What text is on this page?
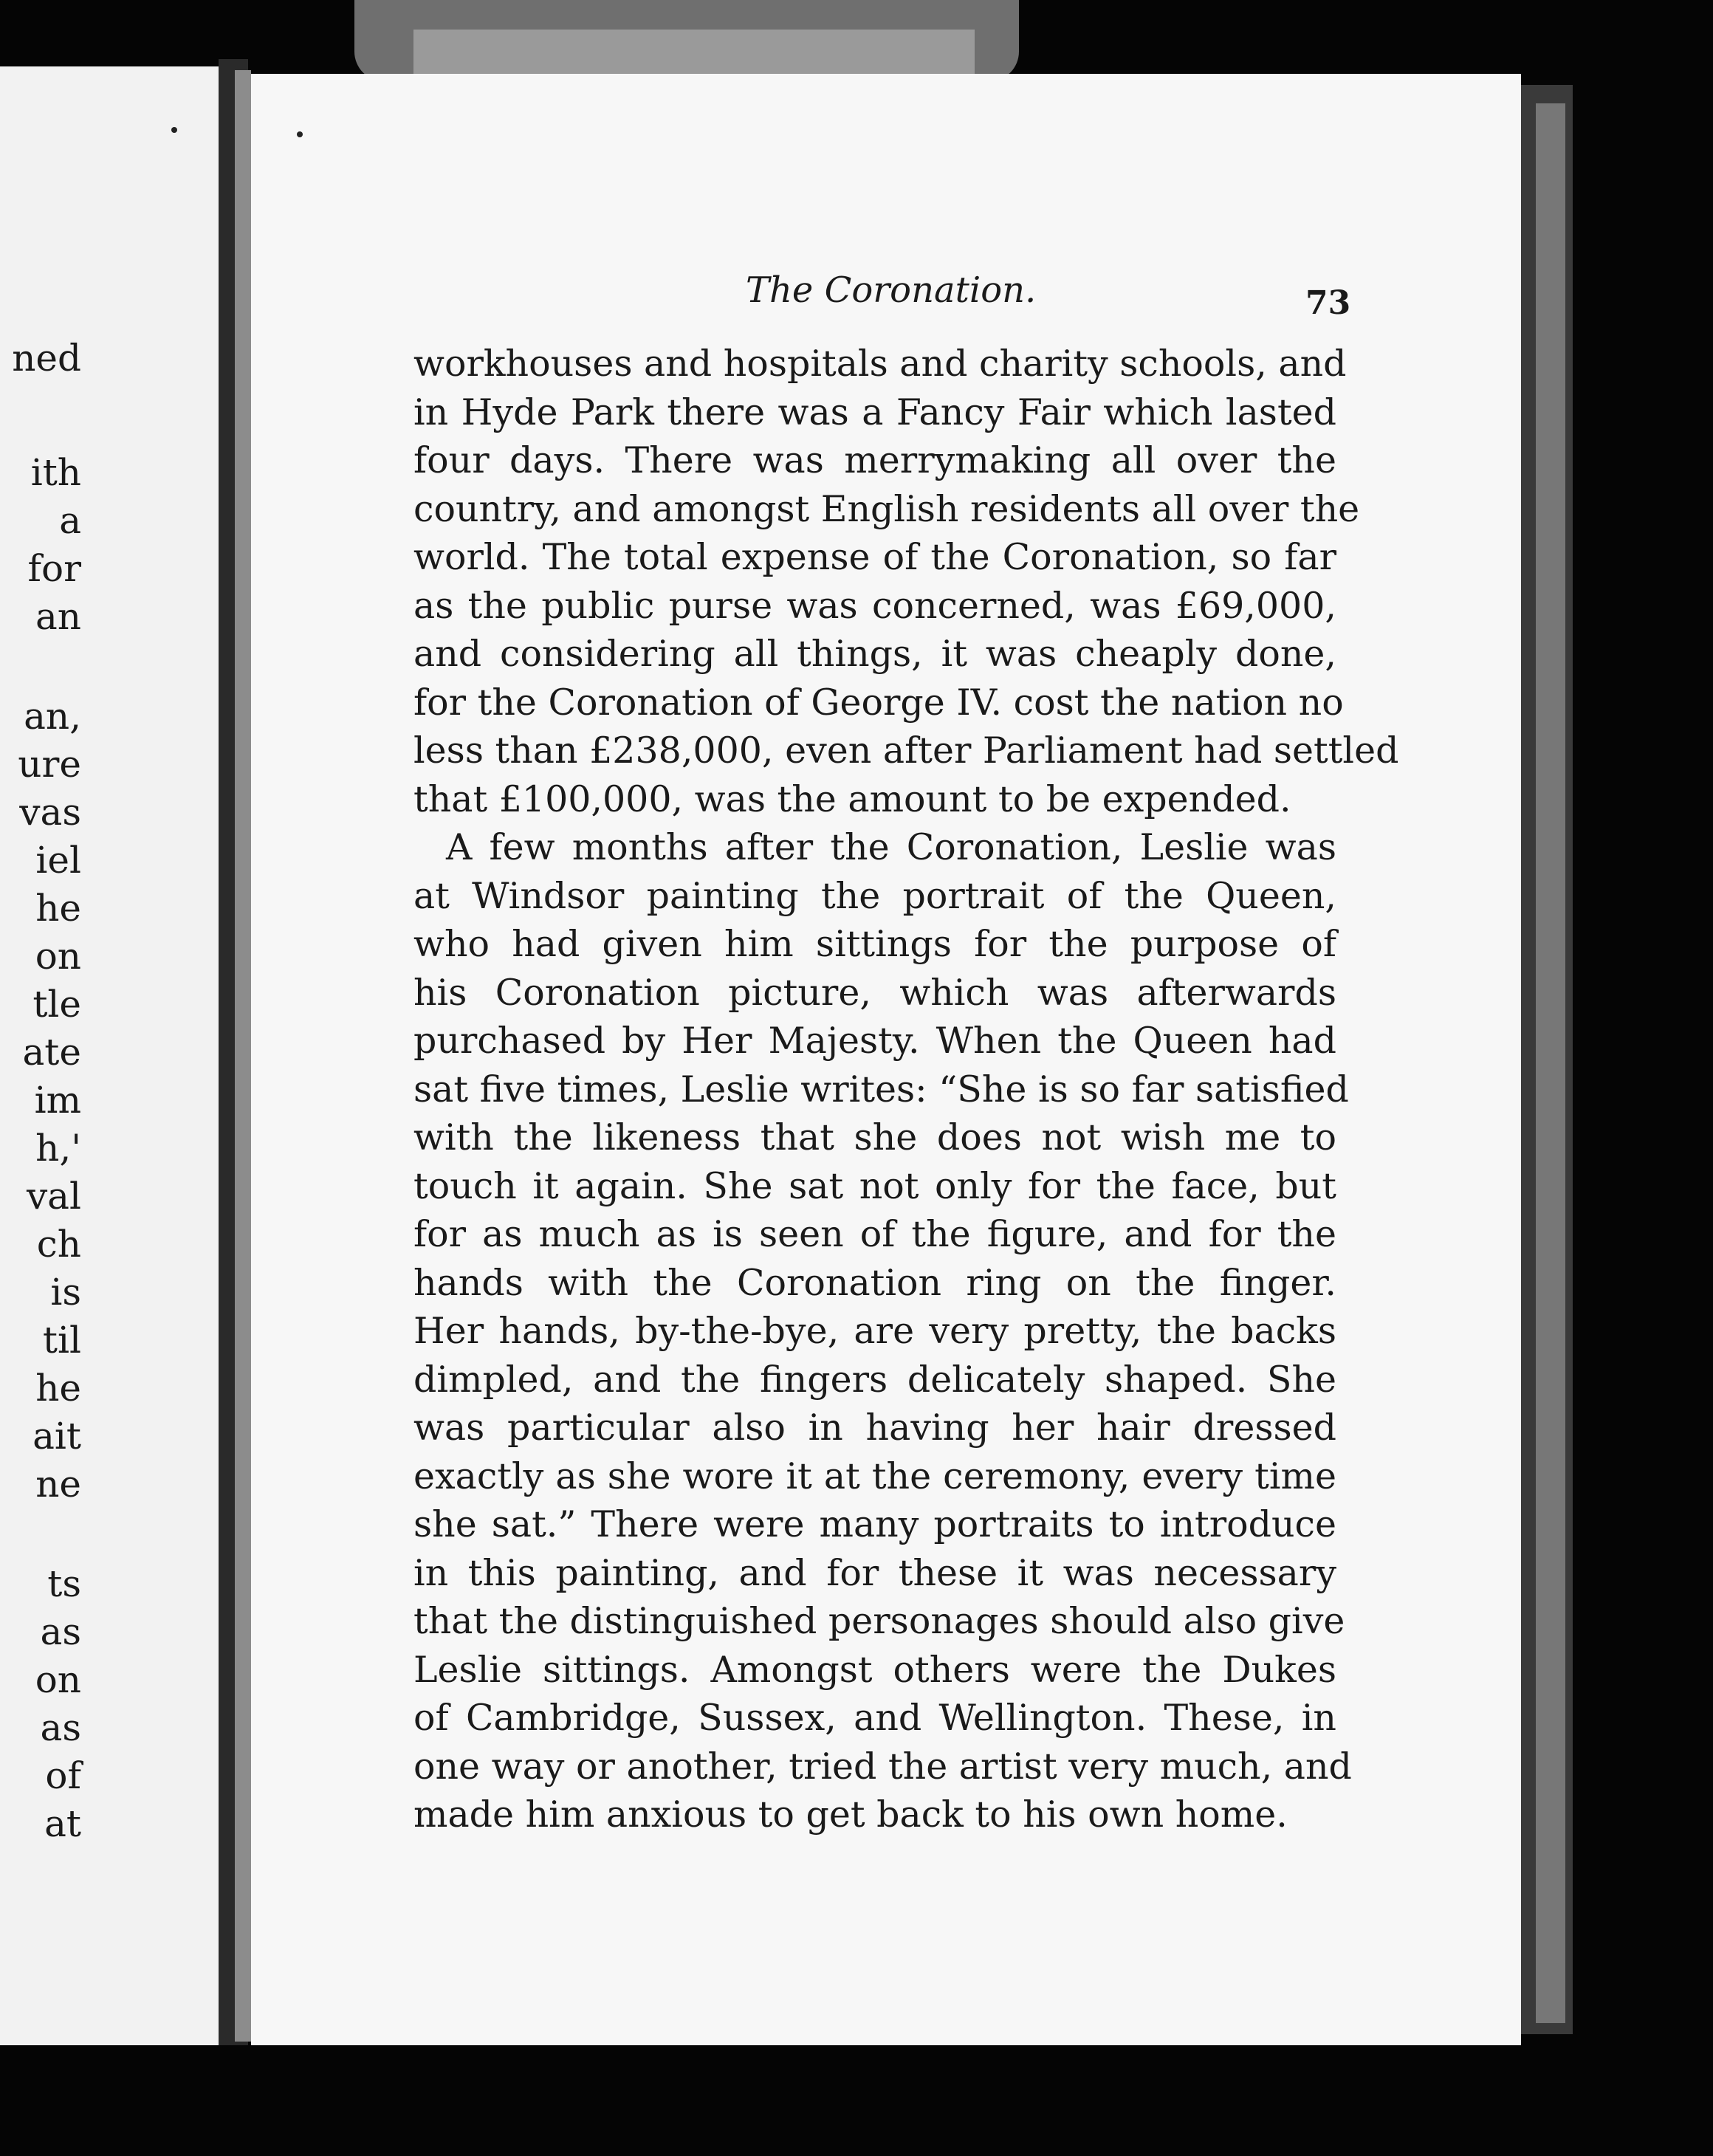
ned
ith
a
for
an
an,
ure
vas
iel
he
on
tle
ate
im
h,'
val
ch
is
til
he
ait
ne
ts
as
on
as
of
at
The Coronation.	73
workhouses and hospitals and charity schools, and
in Hyde Park there was a Fancy Fair which lasted
four days. There was merrymaking all over the
country, and amongst English residents all over the
world. The total expense of the Coronation, so far
as the public purse was concerned, was £69,000,
and considering all things, it was cheaply done,
for the Coronation of George IV. cost the nation no
less than £238,000, even after Parliament had settled
that £100,000, was the amount to be expended.
A few months after the Coronation, Leslie was
at Windsor painting the portrait of the Queen,
who had given him sittings for the purpose of
his Coronation picture, which was afterwards
purchased by Her Majesty. When the Queen had
sat five times, Leslie writes: “She is so far satisfied
with the likeness that she does not wish me to
touch it again. She sat not only for the face, but
for as much as is seen of the figure, and for the
hands with the Coronation ring on the finger.
Her hands, by-the-bye, are very pretty, the backs
dimpled, and the fingers delicately shaped. She
was particular also in having her hair dressed
exactly as she wore it at the ceremony, every time
she sat.” There were many portraits to introduce
in this painting, and for these it was necessary
that the distinguished personages should also give
Leslie sittings. Amongst others were the Dukes
of Cambridge, Sussex, and Wellington. These, in
one way or another, tried the artist very much, and
made him anxious to get back to his own home.
